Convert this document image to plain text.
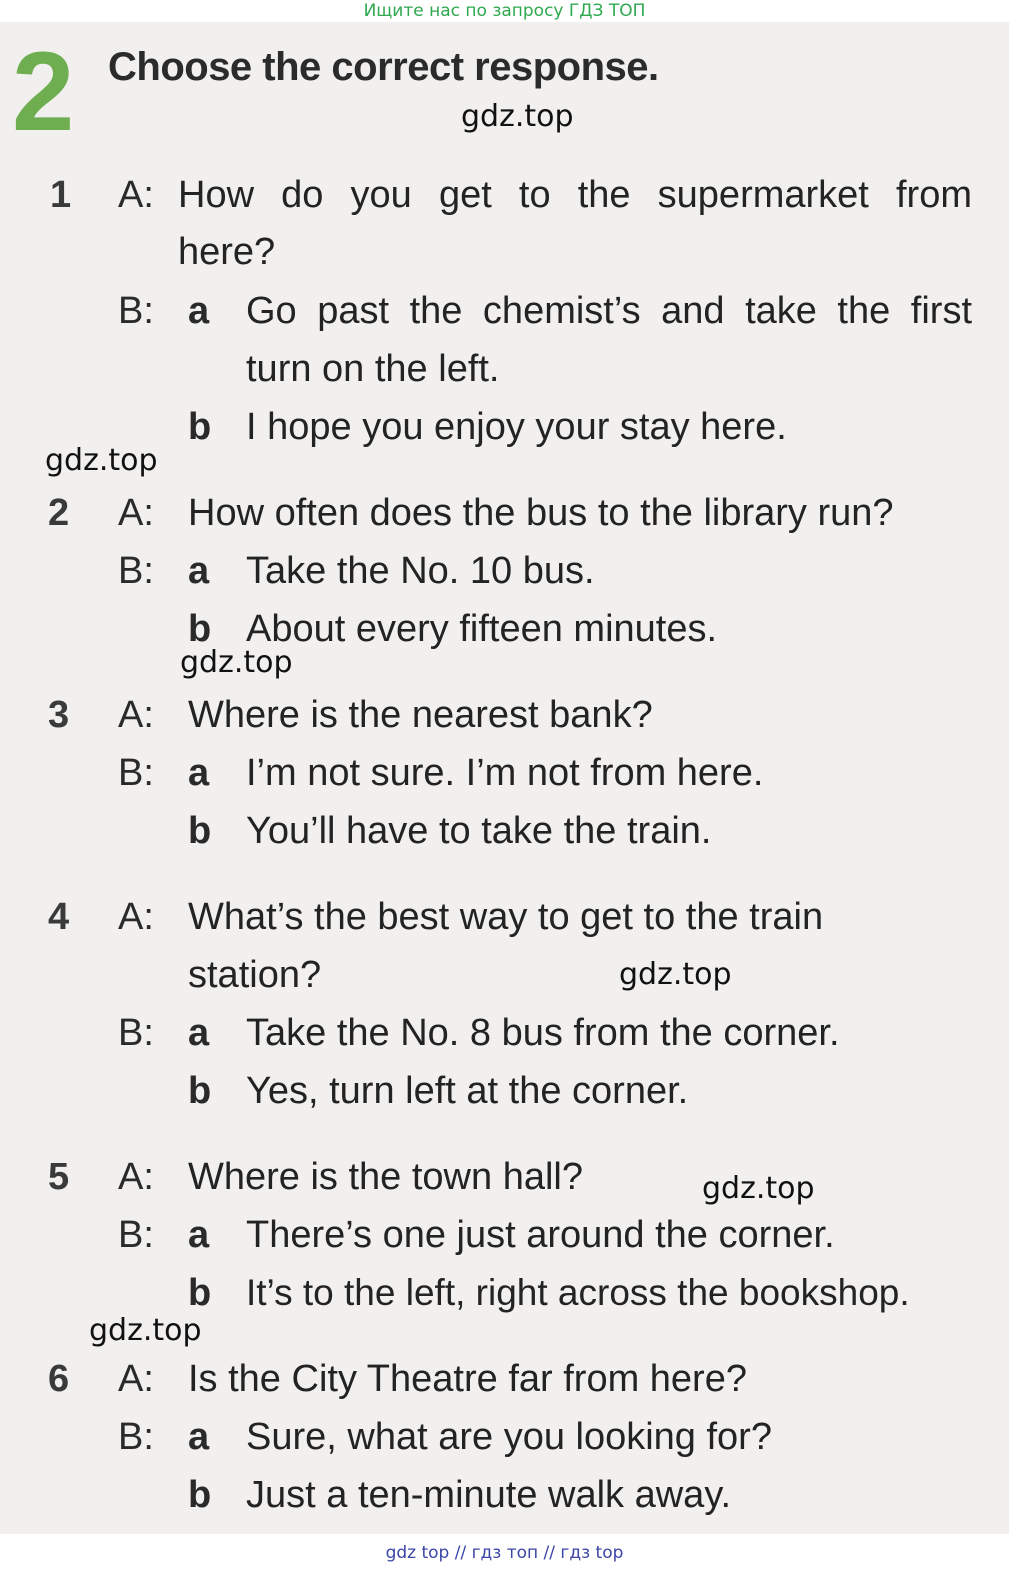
Ищите нас по запросу ГДЗ ТОП
2 Choose the correct response.
gdz.top
gdz.top
gdz.top
gdz.top
gdz.top
gdz.top
1 A: How do you get to the supermarket from
here?
B: a Go past the chemist’s and take the first
turn on the left.
b I hope you enjoy your stay here.
2 A: How often does the bus to the library run?
B: a Take the No. 10 bus.
b About every fifteen minutes.
3 A: Where is the nearest bank?
B: a I’m not sure. I’m not from here.
b You’ll have to take the train.
4 A: What’s the best way to get to the train
station?
B: a Take the No. 8 bus from the corner.
b Yes, turn left at the corner.
5 A: Where is the town hall?
B: a There’s one just around the corner.
b It’s to the left, right across the bookshop.
6 A: Is the City Theatre far from here?
B: a Sure, what are you looking for?
b Just a ten-minute walk away.
gdz top // гдз топ // гдз top
